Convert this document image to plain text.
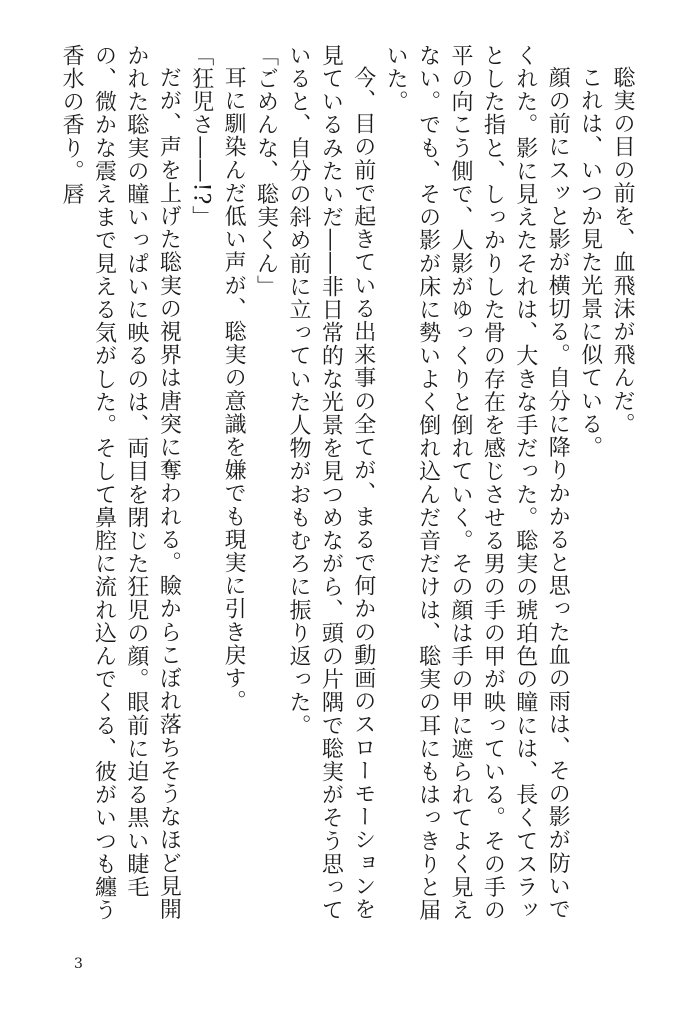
聡実の目の前を、血飛沫が飛んだ。

これは、いつか見た光景に似ている。

顔の前にスッと影が横切る。自分に降りかかると思った血の雨は、その影が防いでくれた。影に見えたそれは、大きな手だった。聡実の琥珀色の瞳には、長くてスラッとした指と、しっかりした骨の存在を感じさせる男の手の甲が映っている。その手の平の向こう側で、人影がゆっくりと倒れていく。その顔は手の甲に遮られてよく見えない。でも、その影が床に勢いよく倒れ込んだ音だけは、聡実の耳にもはっきりと届いた。

今、目の前で起きている出来事の全てが、まるで何かの動画のスローモーションを見ているみたいだ――非日常的な光景を見つめながら、頭の片隅で聡実がそう思っていると、自分の斜め前に立っていた人物がおもむろに振り返った。

「ごめんな、聡実くん」

耳に馴染んだ低い声が、聡実の意識を嫌でも現実に引き戻す。

「狂児さ――!?」

だが、声を上げた聡実の視界は唐突に奪われる。瞼からこぼれ落ちそうなほど見開かれた聡実の瞳いっぱいに映るのは、両目を閉じた狂児の顔。眼前に迫る黒い睫毛の、微かな震えまで見える気がした。そして鼻腔に流れ込んでくる、彼がいつも纏う香水の香り。唇

3
